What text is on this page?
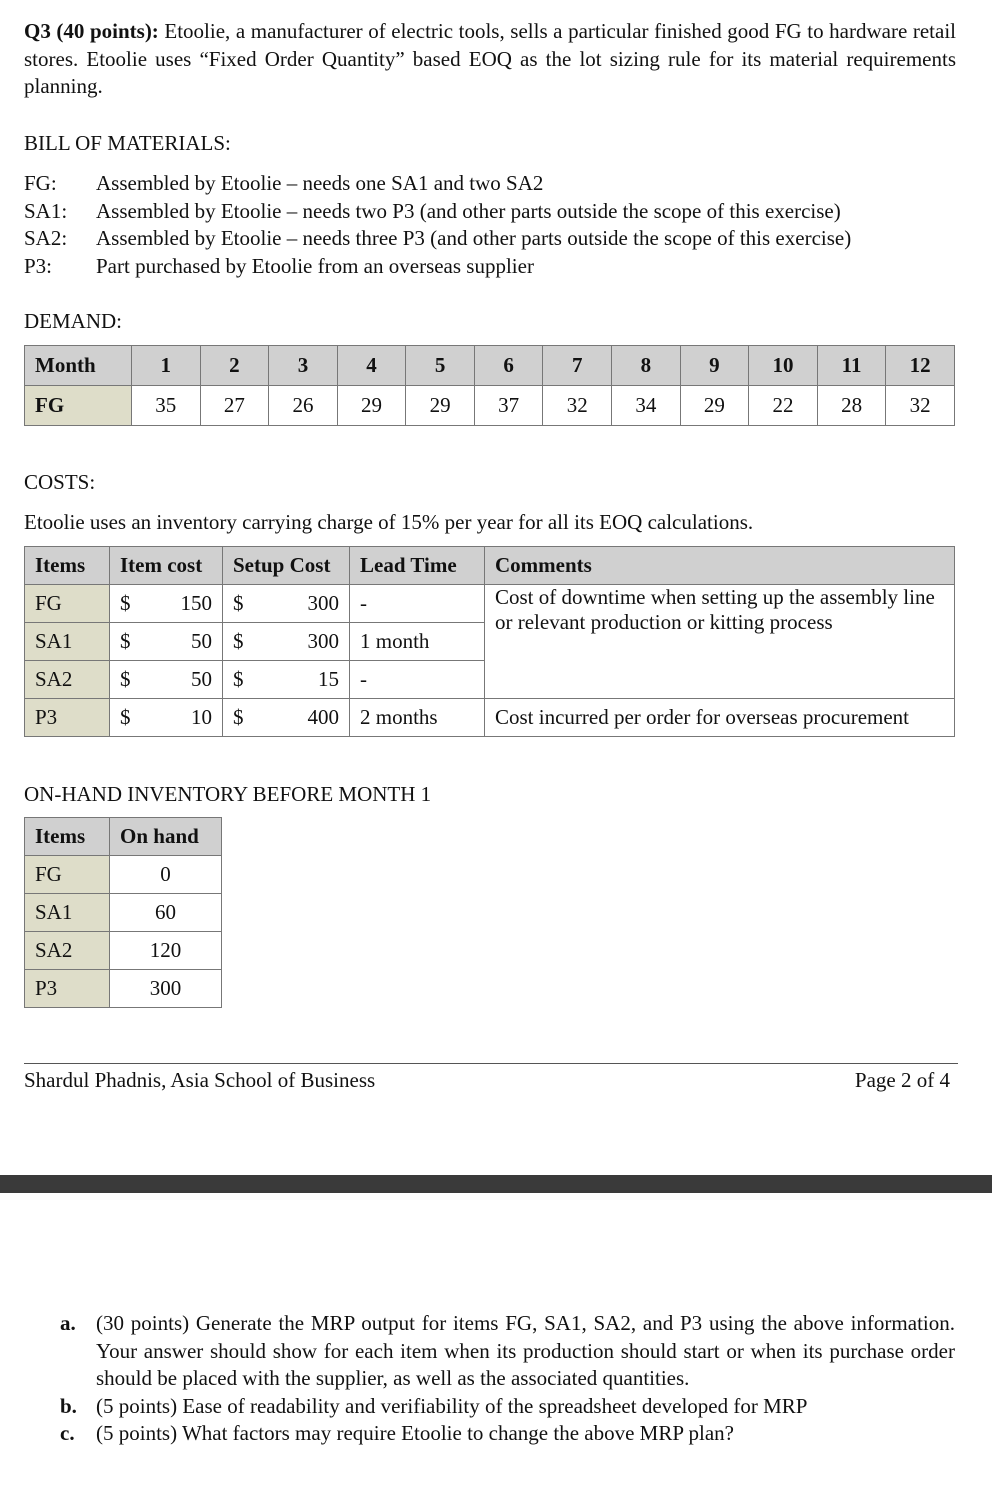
Q3 (40 points): Etoolie, a manufacturer of electric tools, sells a particular finished good FG to hardware retail stores. Etoolie uses “Fixed Order Quantity” based EOQ as the lot sizing rule for its material requirements planning.
BILL OF MATERIALS:
FG:	Assembled by Etoolie – needs one SA1 and two SA2
SA1:	Assembled by Etoolie – needs two P3 (and other parts outside the scope of this exercise)
SA2:	Assembled by Etoolie – needs three P3 (and other parts outside the scope of this exercise)
P3:	Part purchased by Etoolie from an overseas supplier
DEMAND:
Month	1	2	3	4	5	6	7	8	9	10	11	12
FG	35	27	26	29	29	37	32	34	29	22	28	32
COSTS:
Etoolie uses an inventory carrying charge of 15% per year for all its EOQ calculations.
Items	Item cost	Setup Cost	Lead Time	Comments
FG	$ 150	$ 300	-	Cost of downtime when setting up the assembly line or relevant production or kitting process
SA1	$ 50	$ 300	1 month	
SA2	$ 50	$ 15	-	
P3	$ 10	$ 400	2 months	Cost incurred per order for overseas procurement
ON-HAND INVENTORY BEFORE MONTH 1
Items	On hand
FG	0
SA1	60
SA2	120
P3	300
Shardul Phadnis, Asia School of Business	Page 2 of 4
a. (30 points) Generate the MRP output for items FG, SA1, SA2, and P3 using the above information. Your answer should show for each item when its production should start or when its purchase order should be placed with the supplier, as well as the associated quantities.
b. (5 points) Ease of readability and verifiability of the spreadsheet developed for MRP
c.	(5 points) What factors may require Etoolie to change the above MRP plan?
